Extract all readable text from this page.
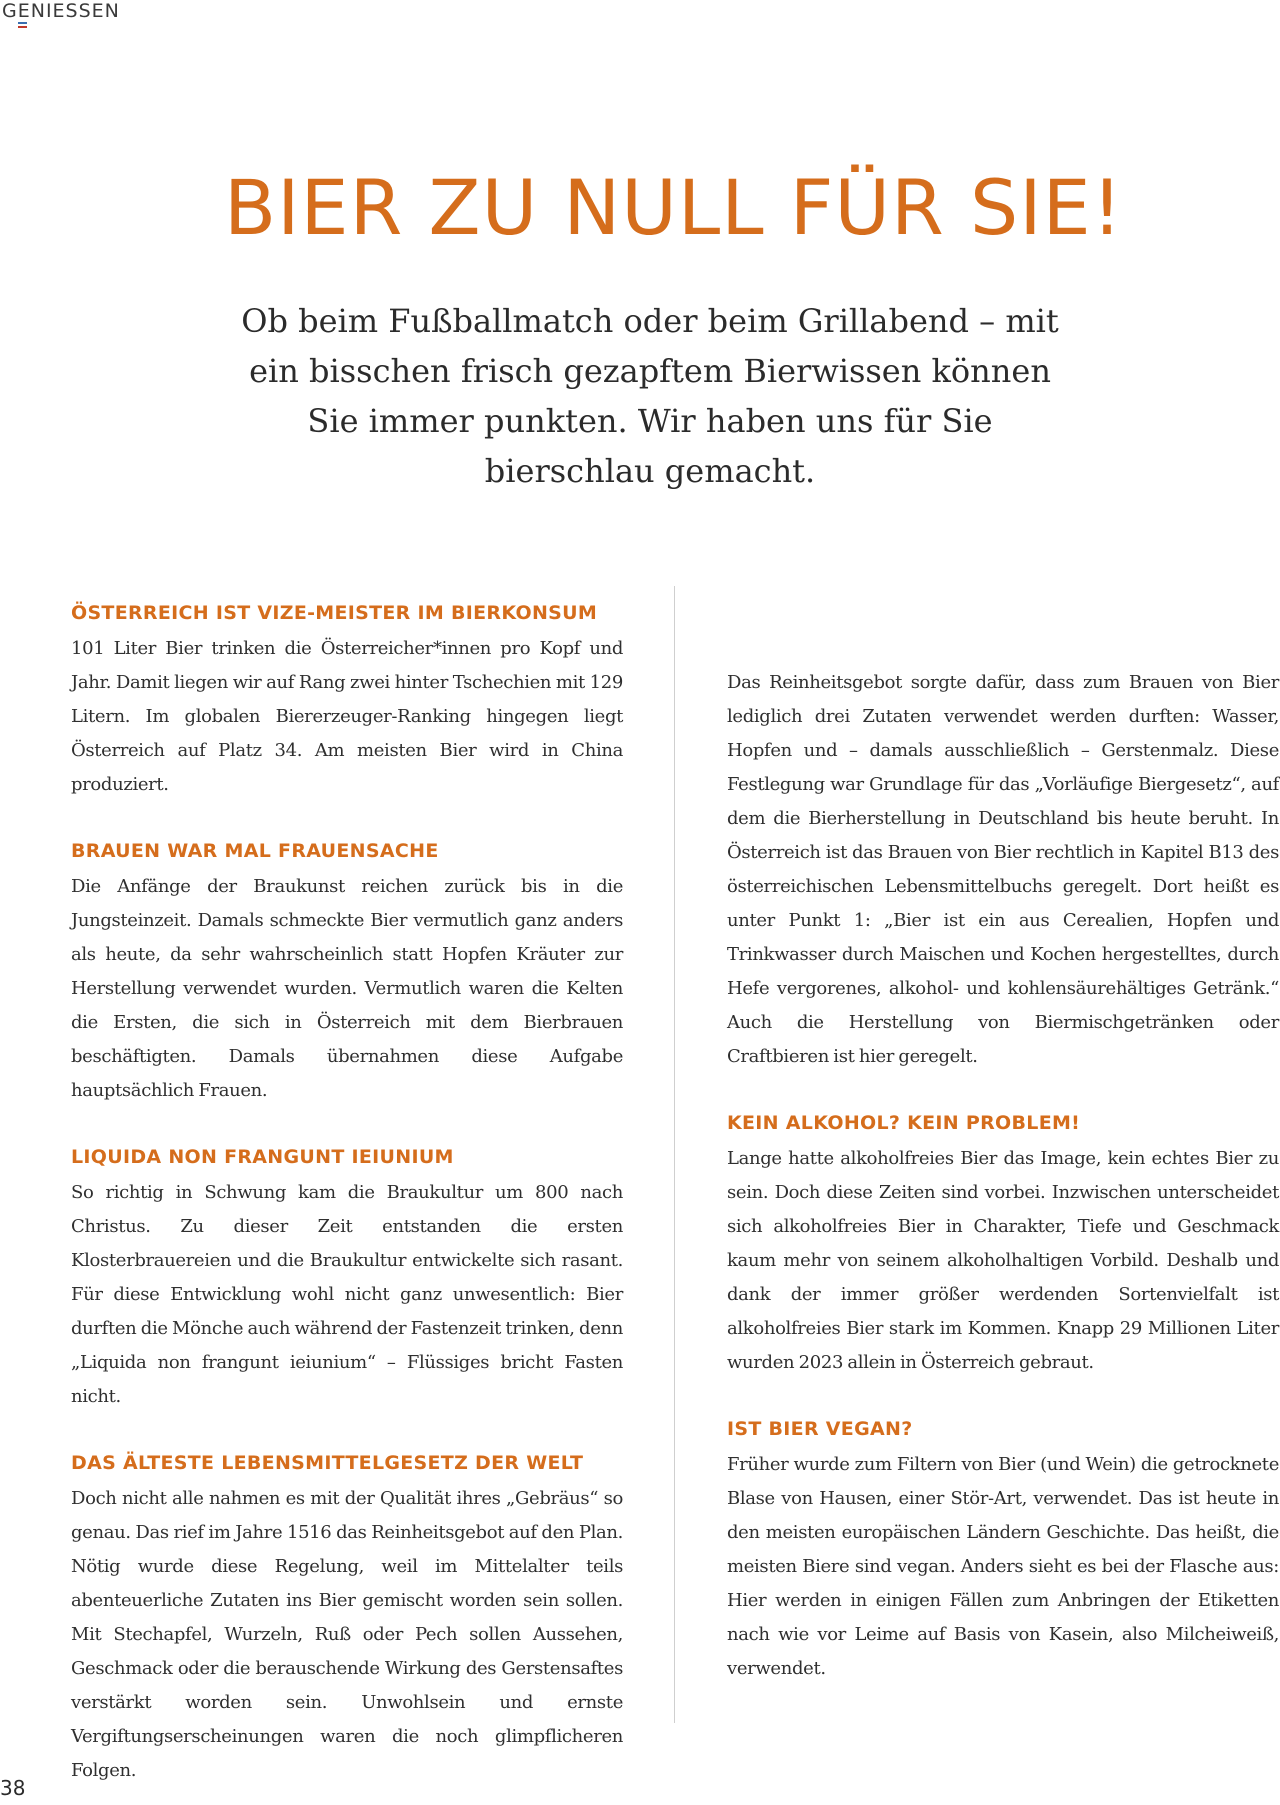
GENIESSEN
BIER ZU NULL FÜR SIE!

Ob beim Fußballmatch oder beim Grillabend – mit ein bisschen frisch gezapftem Bierwissen können Sie immer punkten. Wir haben uns für Sie bierschlau gemacht.

ÖSTERREICH IST VIZE-MEISTER IM BIERKONSUM

101 Liter Bier trinken die Österreicher*innen pro Kopf und Jahr. Damit liegen wir auf Rang zwei hinter Tschechien mit 129 Litern. Im globalen Biererzeuger-Ranking hingegen liegt Österreich auf Platz 34. Am meisten Bier wird in China produziert.

BRAUEN WAR MAL FRAUENSACHE

Die Anfänge der Braukunst reichen zurück bis in die Jungsteinzeit. Damals schmeckte Bier vermutlich ganz anders als heute, da sehr wahrscheinlich statt Hopfen Kräuter zur Herstellung verwendet wurden. Vermutlich waren die Kelten die Ersten, die sich in Österreich mit dem Bierbrauen beschäftigten. Damals übernahmen diese Aufgabe hauptsächlich Frauen.

LIQUIDA NON FRANGUNT IEIUNIUM

So richtig in Schwung kam die Braukultur um 800 nach Christus. Zu dieser Zeit entstanden die ersten Klosterbrauereien und die Braukultur entwickelte sich rasant. Für diese Entwicklung wohl nicht ganz unwesentlich: Bier durften die Mönche auch während der Fastenzeit trinken, denn „Liquida non frangunt ieiunium“ – Flüssiges bricht Fasten nicht.

DAS ÄLTESTE LEBENSMITTELGESETZ DER WELT

Doch nicht alle nahmen es mit der Qualität ihres „Gebräus“ so genau. Das rief im Jahre 1516 das Reinheitsgebot auf den Plan. Nötig wurde diese Regelung, weil im Mittelalter teils abenteuerliche Zutaten ins Bier gemischt worden sein sollen. Mit Stechapfel, Wurzeln, Ruß oder Pech sollen Aussehen, Geschmack oder die berauschende Wirkung des Gerstensaftes verstärkt worden sein. Unwohlsein und ernste Vergiftungserscheinungen waren die noch glimpflicheren Folgen.

Das Reinheitsgebot sorgte dafür, dass zum Brauen von Bier lediglich drei Zutaten verwendet werden durften: Wasser, Hopfen und – damals ausschließlich – Gerstenmalz. Diese Festlegung war Grundlage für das „Vorläufige Biergesetz“, auf dem die Bierherstellung in Deutschland bis heute beruht. In Österreich ist das Brauen von Bier rechtlich in Kapitel B13 des österreichischen Lebensmittelbuchs geregelt. Dort heißt es unter Punkt 1: „Bier ist ein aus Cerealien, Hopfen und Trinkwasser durch Maischen und Kochen hergestelltes, durch Hefe vergorenes, alkohol- und kohlensäurehältiges Getränk.“ Auch die Herstellung von Biermischgetränken oder Craftbieren ist hier geregelt.

KEIN ALKOHOL? KEIN PROBLEM!

Lange hatte alkoholfreies Bier das Image, kein echtes Bier zu sein. Doch diese Zeiten sind vorbei. Inzwischen unterscheidet sich alkoholfreies Bier in Charakter, Tiefe und Geschmack kaum mehr von seinem alkoholhaltigen Vorbild. Deshalb und dank der immer größer werdenden Sortenvielfalt ist alkoholfreies Bier stark im Kommen. Knapp 29 Millionen Liter wurden 2023 allein in Österreich gebraut.

IST BIER VEGAN?

Früher wurde zum Filtern von Bier (und Wein) die getrocknete Blase von Hausen, einer Stör-Art, verwendet. Das ist heute in den meisten europäischen Ländern Geschichte. Das heißt, die meisten Biere sind vegan. Anders sieht es bei der Flasche aus: Hier werden in einigen Fällen zum Anbringen der Etiketten nach wie vor Leime auf Basis von Kasein, also Milcheiweiß, verwendet.

38
